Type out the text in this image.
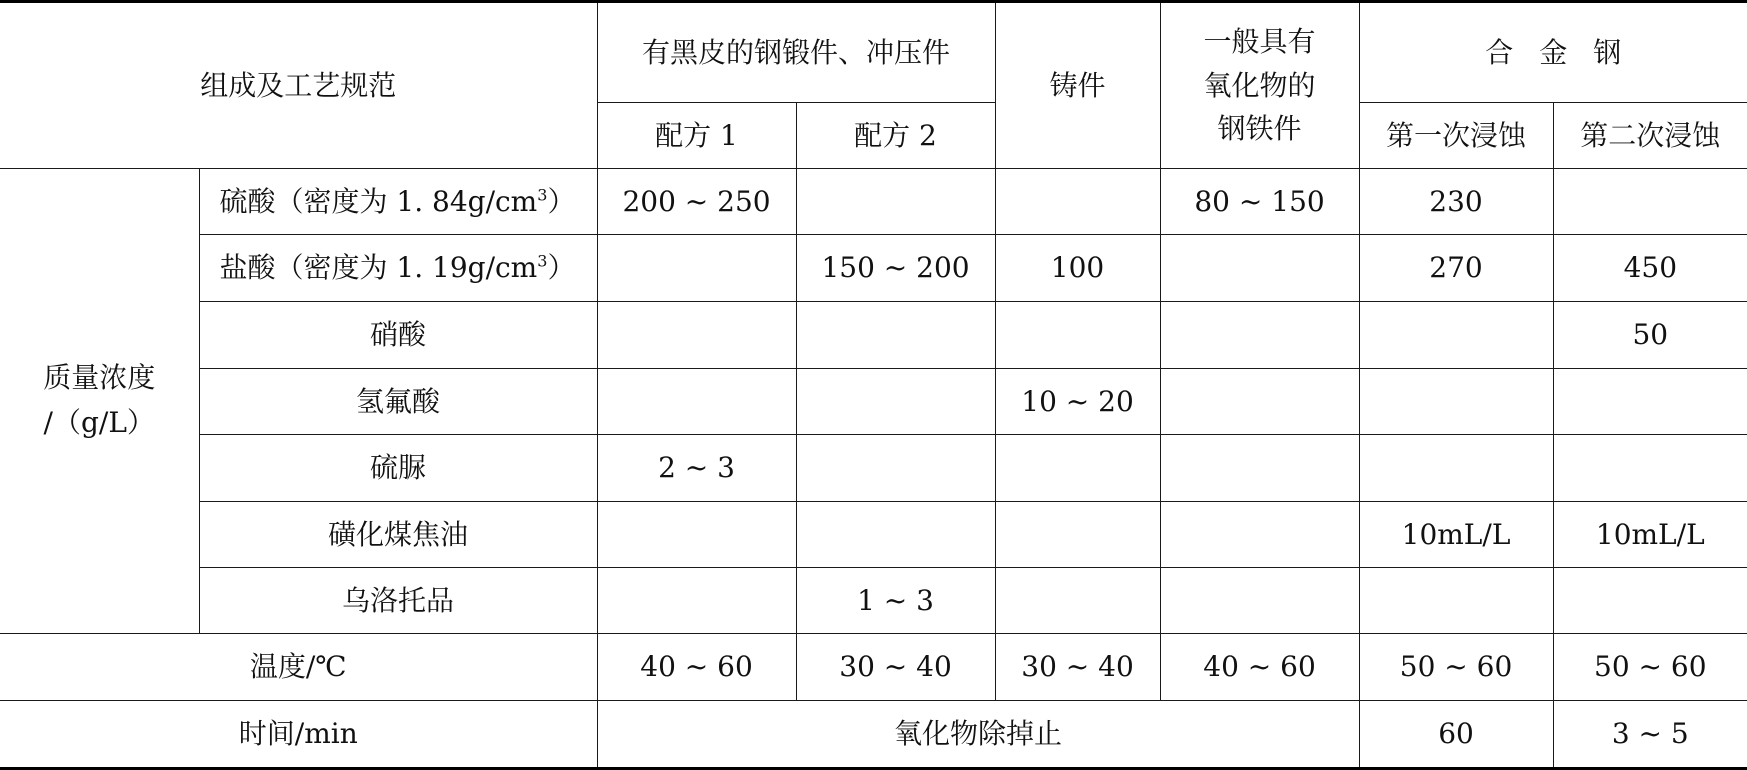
组成及工艺规范		有黑皮的钢锻件、冲压件		铸件	一般具有氧化物的钢铁件	合金钢	
		配方 1	配方 2			第一次浸蚀	第二次浸蚀
质量浓度
/（g/L）	硫酸（密度为 1. $84g/cm^3$）	200 ~ 250			80 ~ 150	230	
	盐酸（密度为 1. $19g/cm^3$）		150 ~ 200	100		270	450
	硝酸						50
	氢氟酸			10 ~ 20			
	硫脲	2 ~ 3					
	磺化煤焦油					10mL/L	10mL/L
	乌洛托品		1 ~ 3				
温度/℃		40 ~ 60	30 ~ 40	30 ~ 40	40 ~ 60	50 ~ 60	50 ~ 60
时间/min		氧化物除掉止				60	3 ~ 5
